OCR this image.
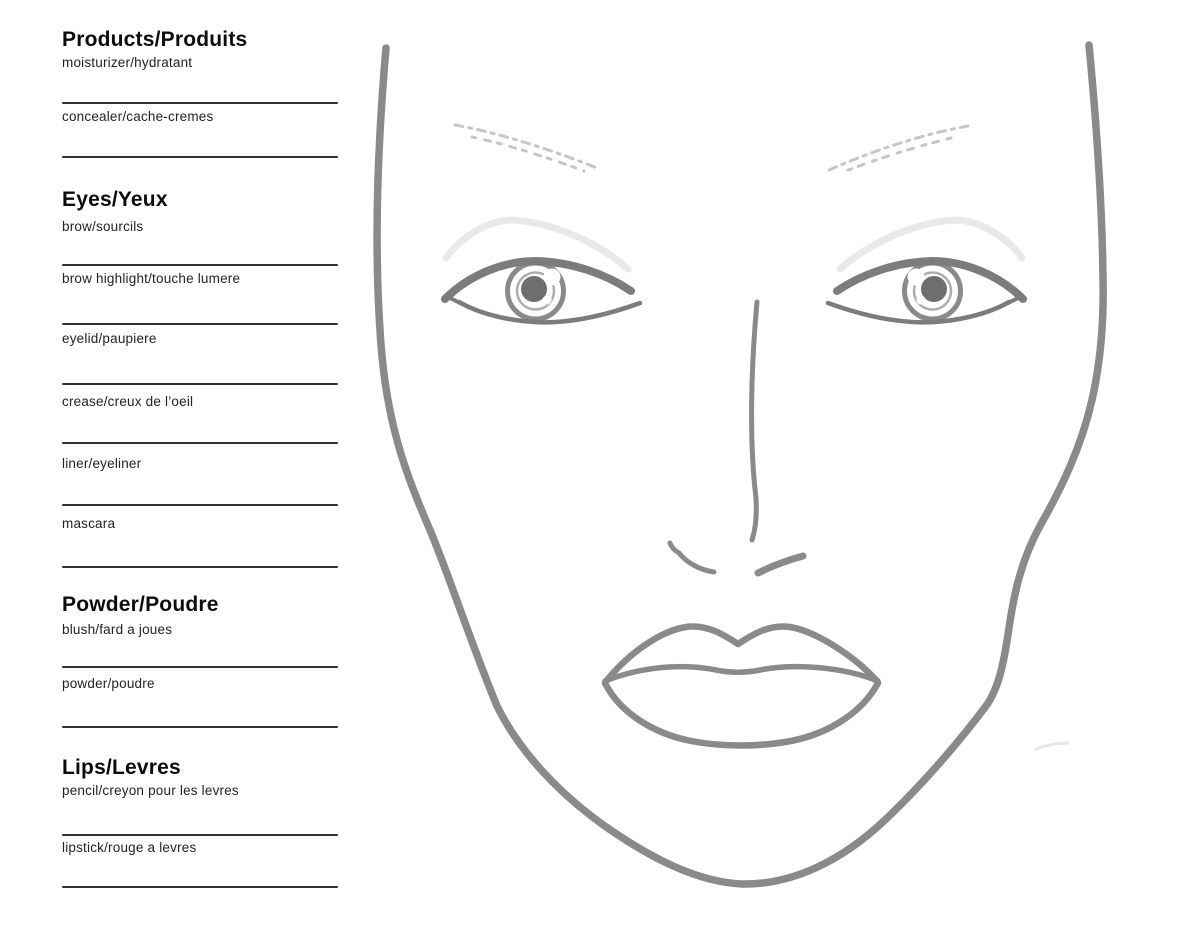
Products/Produits
moisturizer/hydratant
concealer/cache-cremes
Eyes/Yeux
brow/sourcils
brow highlight/touche lumere
eyelid/paupiere
crease/creux de l’oeil
liner/eyeliner
mascara
Powder/Poudre
blush/fard a joues
powder/poudre
Lips/Levres
pencil/creyon pour les levres
lipstick/rouge a levres
